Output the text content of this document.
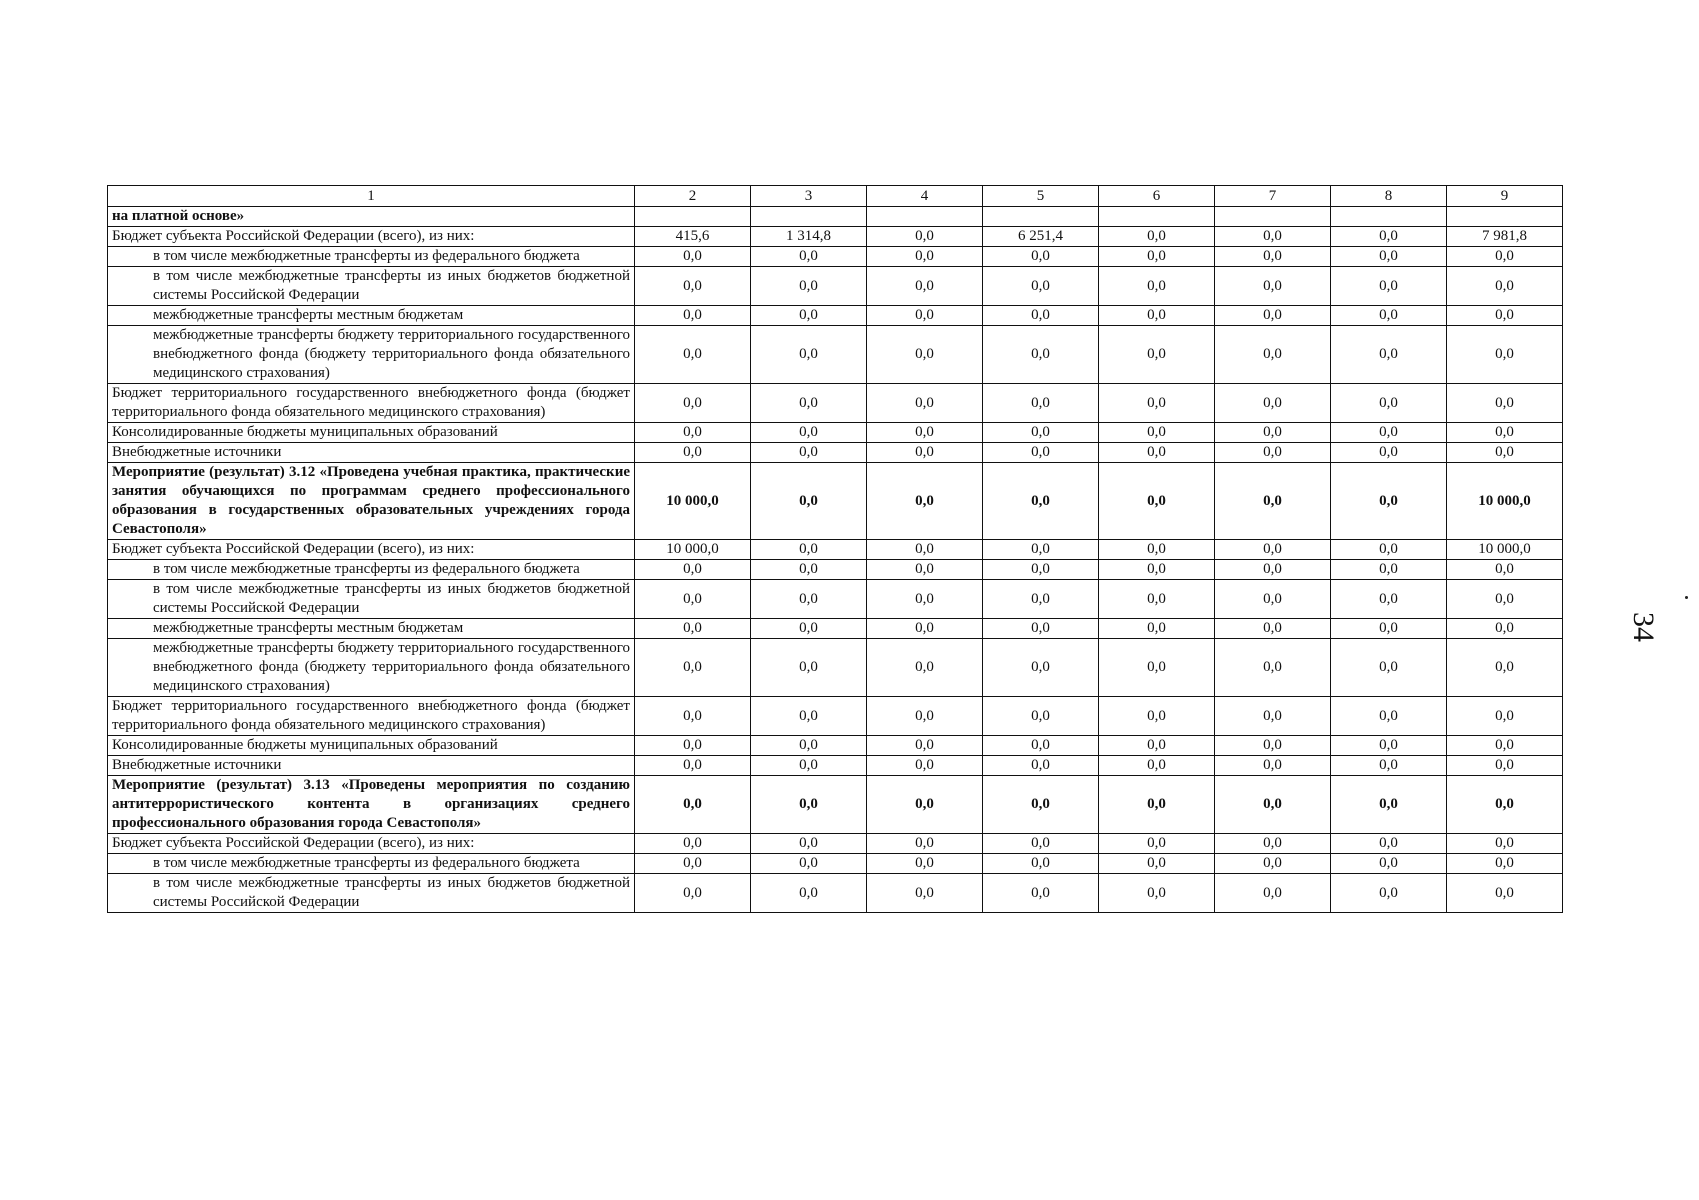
1	2	3	4	5	6	7	8	9
на платной основе»								
Бюджет субъекта Российской Федерации (всего), из них:	415,6	1 314,8	0,0	6 251,4	0,0	0,0	0,0	7 981,8
в том числе межбюджетные трансферты из федерального бюджета	0,0	0,0	0,0	0,0	0,0	0,0	0,0	0,0
в том числе межбюджетные трансферты из иных бюджетов бюджетной системы Российской Федерации	0,0	0,0	0,0	0,0	0,0	0,0	0,0	0,0
межбюджетные трансферты местным бюджетам	0,0	0,0	0,0	0,0	0,0	0,0	0,0	0,0
межбюджетные трансферты бюджету территориального государственного внебюджетного фонда (бюджету территориального фонда обязательного медицинского страхования)	0,0	0,0	0,0	0,0	0,0	0,0	0,0	0,0
Бюджет территориального государственного внебюджетного фонда (бюджет территориального фонда обязательного медицинского страхования)	0,0	0,0	0,0	0,0	0,0	0,0	0,0	0,0
Консолидированные бюджеты муниципальных образований	0,0	0,0	0,0	0,0	0,0	0,0	0,0	0,0
Внебюджетные источники	0,0	0,0	0,0	0,0	0,0	0,0	0,0	0,0
Мероприятие (результат) 3.12 «Проведена учебная практика, практические занятия обучающихся по программам среднего профессионального образования в государственных образовательных учреждениях города Севастополя»	10 000,0	0,0	0,0	0,0	0,0	0,0	0,0	10 000,0
Бюджет субъекта Российской Федерации (всего), из них:	10 000,0	0,0	0,0	0,0	0,0	0,0	0,0	10 000,0
в том числе межбюджетные трансферты из федерального бюджета	0,0	0,0	0,0	0,0	0,0	0,0	0,0	0,0
в том числе межбюджетные трансферты из иных бюджетов бюджетной системы Российской Федерации	0,0	0,0	0,0	0,0	0,0	0,0	0,0	0,0
межбюджетные трансферты местным бюджетам	0,0	0,0	0,0	0,0	0,0	0,0	0,0	0,0
межбюджетные трансферты бюджету территориального государственного внебюджетного фонда (бюджету территориального фонда обязательного медицинского страхования)	0,0	0,0	0,0	0,0	0,0	0,0	0,0	0,0
Бюджет территориального государственного внебюджетного фонда (бюджет территориального фонда обязательного медицинского страхования)	0,0	0,0	0,0	0,0	0,0	0,0	0,0	0,0
Консолидированные бюджеты муниципальных образований	0,0	0,0	0,0	0,0	0,0	0,0	0,0	0,0
Внебюджетные источники	0,0	0,0	0,0	0,0	0,0	0,0	0,0	0,0
Мероприятие (результат) 3.13 «Проведены мероприятия по созданию антитеррористического контента в организациях среднего профессионального образования города Севастополя»	0,0	0,0	0,0	0,0	0,0	0,0	0,0	0,0
Бюджет субъекта Российской Федерации (всего), из них:	0,0	0,0	0,0	0,0	0,0	0,0	0,0	0,0
в том числе межбюджетные трансферты из федерального бюджета	0,0	0,0	0,0	0,0	0,0	0,0	0,0	0,0
в том числе межбюджетные трансферты из иных бюджетов бюджетной системы Российской Федерации	0,0	0,0	0,0	0,0	0,0	0,0	0,0	0,0
34
